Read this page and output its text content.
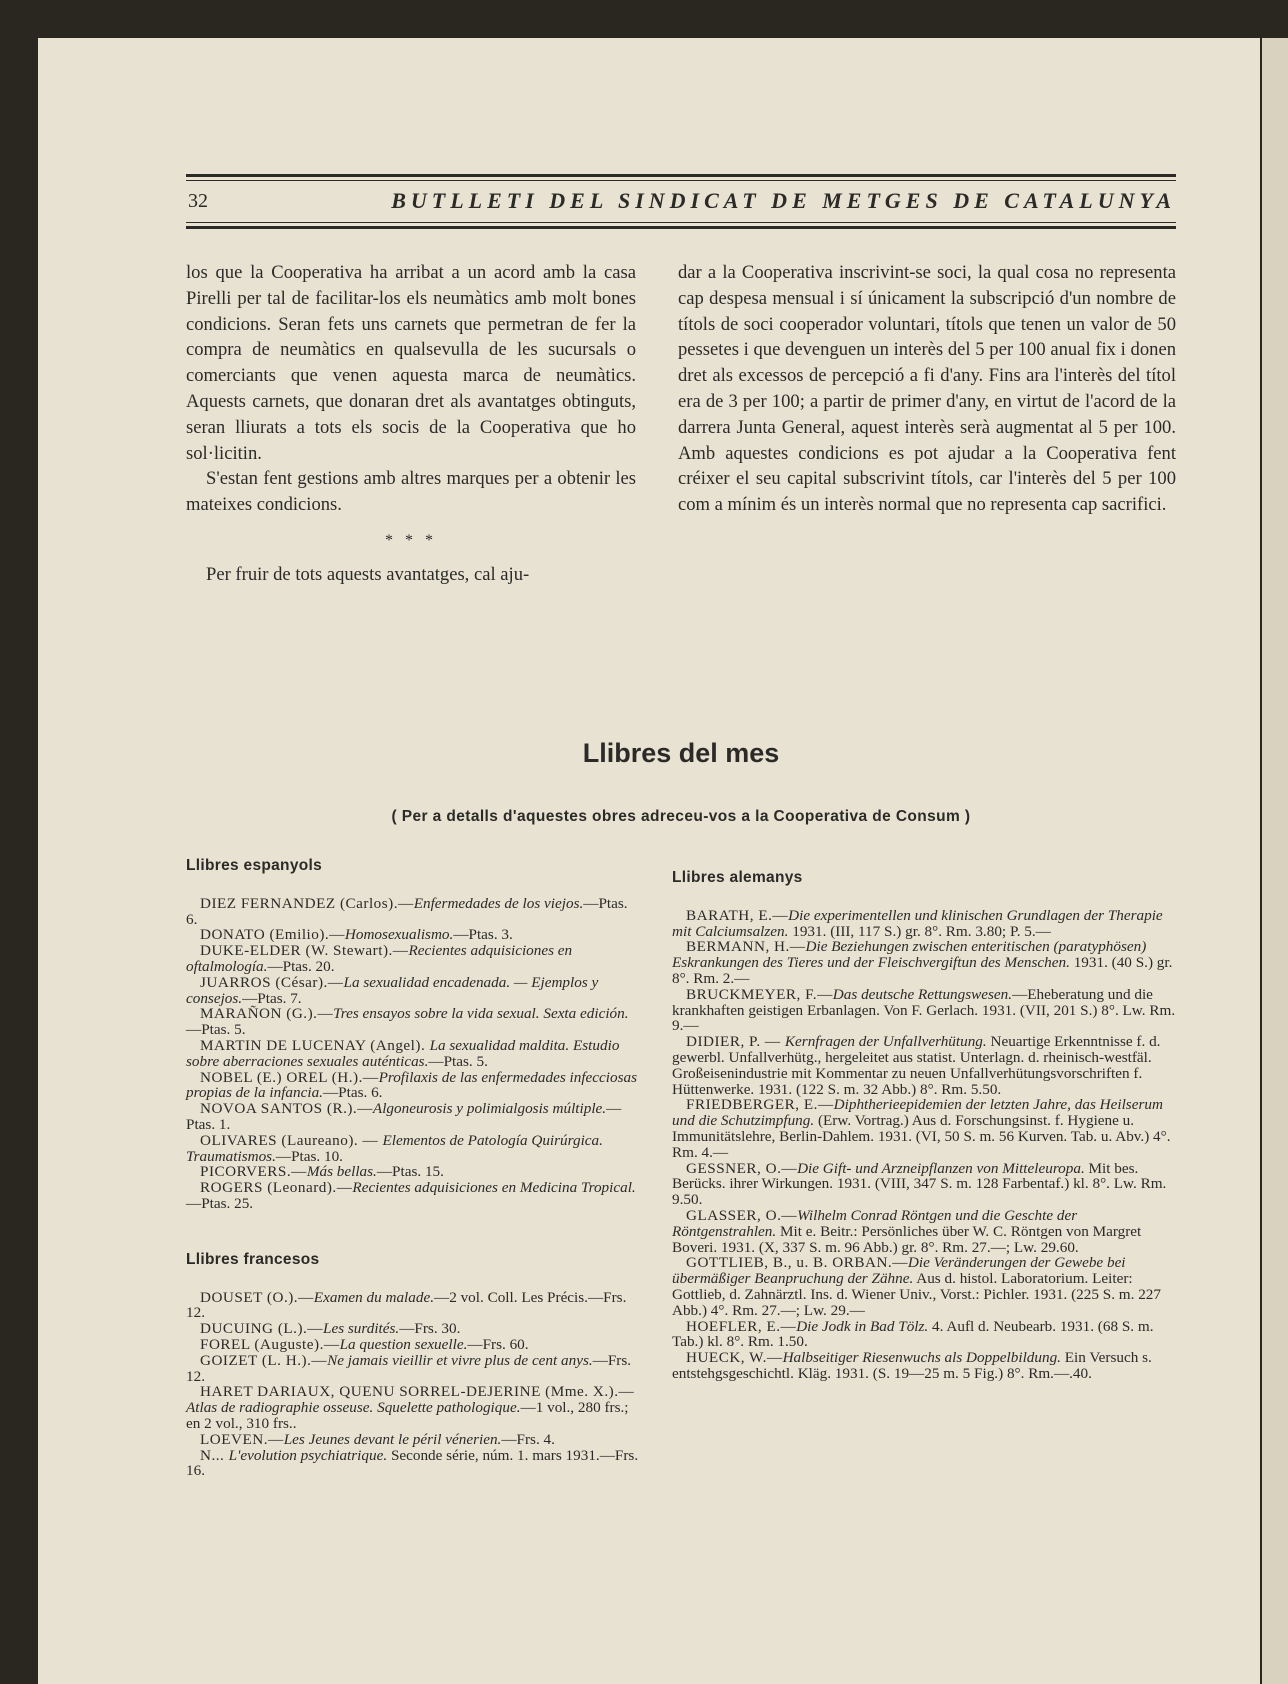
32	BUTLLETI DEL SINDICAT DE METGES DE CATALUNYA

los que la Cooperativa ha arribat a un acord amb la casa Pirelli per tal de facilitar-los els neumàtics amb molt bones condicions. Seran fets uns carnets que permetran de fer la compra de neumàtics en qualsevulla de les sucursals o comerciants que venen aquesta marca de neumàtics. Aquests carnets, que donaran dret als avantatges obtinguts, seran lliurats a tots els socis de la Cooperativa que ho sol·licitin.

S'estan fent gestions amb altres marques per a obtenir les mateixes condicions.

* * *

Per fruir de tots aquests avantatges, cal aju-

dar a la Cooperativa inscrivint-se soci, la qual cosa no representa cap despesa mensual i sí únicament la subscripció d'un nombre de títols de soci cooperador voluntari, títols que tenen un valor de 50 pessetes i que devenguen un interès del 5 per 100 anual fix i donen dret als excessos de percepció a fi d'any. Fins ara l'interès del títol era de 3 per 100; a partir de primer d'any, en virtut de l'acord de la darrera Junta General, aquest interès serà augmentat al 5 per 100. Amb aquestes condicions es pot ajudar a la Cooperativa fent créixer el seu capital subscrivint títols, car l'interès del 5 per 100 com a mínim és un interès normal que no representa cap sacrifici.

Llibres del mes
( Per a detalls d'aquestes obres adreceu-vos a la Cooperativa de Consum )
Llibres espanyols

DIEZ FERNANDEZ (Carlos).—Enfermedades de los viejos.—Ptas. 6.

DONATO (Emilio).—Homosexualismo.—Ptas. 3.

DUKE-ELDER (W. Stewart).—Recientes adquisiciones en oftalmología.—Ptas. 20.

JUARROS (César).—La sexualidad encadenada. — Ejemplos y consejos.—Ptas. 7.

MARAÑON (G.).—Tres ensayos sobre la vida sexual. Sexta edición.—Ptas. 5.

MARTIN DE LUCENAY (Angel). La sexualidad maldita. Estudio sobre aberraciones sexuales auténticas.—Ptas. 5.

NOBEL (E.) OREL (H.).—Profilaxis de las enfermedades infecciosas propias de la infancia.—Ptas. 6.

NOVOA SANTOS (R.).—Algoneurosis y polimialgosis múltiple.—Ptas. 1.

OLIVARES (Laureano). — Elementos de Patología Quirúrgica. Traumatismos.—Ptas. 10.

PICORVERS.—Más bellas.—Ptas. 15.

ROGERS (Leonard).—Recientes adquisiciones en Medicina Tropical.—Ptas. 25.

Llibres francesos

DOUSET (O.).—Examen du malade.—2 vol. Coll. Les Précis.—Frs. 12.

DUCUING (L.).—Les surdités.—Frs. 30.

FOREL (Auguste).—La question sexuelle.—Frs. 60.

GOIZET (L. H.).—Ne jamais vieillir et vivre plus de cent anys.—Frs. 12.

HARET DARIAUX, QUENU SORREL-DEJERINE (Mme. X.).—Atlas de radiographie osseuse. Squelette pathologique.—1 vol., 280 frs.; en 2 vol., 310 frs..

LOEVEN.—Les Jeunes devant le péril vénerien.—Frs. 4.

N... L'evolution psychiatrique. Seconde série, núm. 1. mars 1931.—Frs. 16.

Llibres alemanys

BARATH, E.—Die experimentellen und klinischen Grundlagen der Therapie mit Calciumsalzen. 1931. (III, 117 S.) gr. 8°. Rm. 3.80; P. 5.—

BERMANN, H.—Die Beziehungen zwischen enteritischen (paratyphösen) Eskrankungen des Tieres und der Fleischvergiftun des Menschen. 1931. (40 S.) gr. 8°. Rm. 2.—

BRUCKMEYER, F.—Das deutsche Rettungswesen.—Eheberatung und die krankhaften geistigen Erbanlagen. Von F. Gerlach. 1931. (VII, 201 S.) 8°. Lw. Rm. 9.—

DIDIER, P. — Kernfragen der Unfallverhütung. Neuartige Erkenntnisse f. d. gewerbl. Unfallverhütg., hergeleitet aus statist. Unterlagn. d. rheinisch-westfäl. Großeisenindustrie mit Kommentar zu neuen Unfallverhütungsvorschriften f. Hüttenwerke. 1931. (122 S. m. 32 Abb.) 8°. Rm. 5.50.

FRIEDBERGER, E.—Diphtherieepidemien der letzten Jahre, das Heilserum und die Schutzimpfung. (Erw. Vortrag.) Aus d. Forschungsinst. f. Hygiene u. Immunitätslehre, Berlin-Dahlem. 1931. (VI, 50 S. m. 56 Kurven. Tab. u. Abv.) 4°. Rm. 4.—

GESSNER, O.—Die Gift- und Arzneipflanzen von Mitteleuropa. Mit bes. Berücks. ihrer Wirkungen. 1931. (VIII, 347 S. m. 128 Farbentaf.) kl. 8°. Lw. Rm. 9.50.

GLASSER, O.—Wilhelm Conrad Röntgen und die Geschte der Röntgenstrahlen. Mit e. Beitr.: Persönliches über W. C. Röntgen von Margret Boveri. 1931. (X, 337 S. m. 96 Abb.) gr. 8°. Rm. 27.—; Lw. 29.60.

GOTTLIEB, B., u. B. ORBAN.—Die Veränderungen der Gewebe bei übermäßiger Beanpruchung der Zähne. Aus d. histol. Laboratorium. Leiter: Gottlieb, d. Zahnärztl. Ins. d. Wiener Univ., Vorst.: Pichler. 1931. (225 S. m. 227 Abb.) 4°. Rm. 27.—; Lw. 29.—

HOEFLER, E.—Die Jodk in Bad Tölz. 4. Aufl d. Neubearb. 1931. (68 S. m. Tab.) kl. 8°. Rm. 1.50.

HUECK, W.—Halbseitiger Riesenwuchs als Doppelbildung. Ein Versuch s. entstehgsgeschichtl. Kläg. 1931. (S. 19—25 m. 5 Fig.) 8°. Rm.—.40.
